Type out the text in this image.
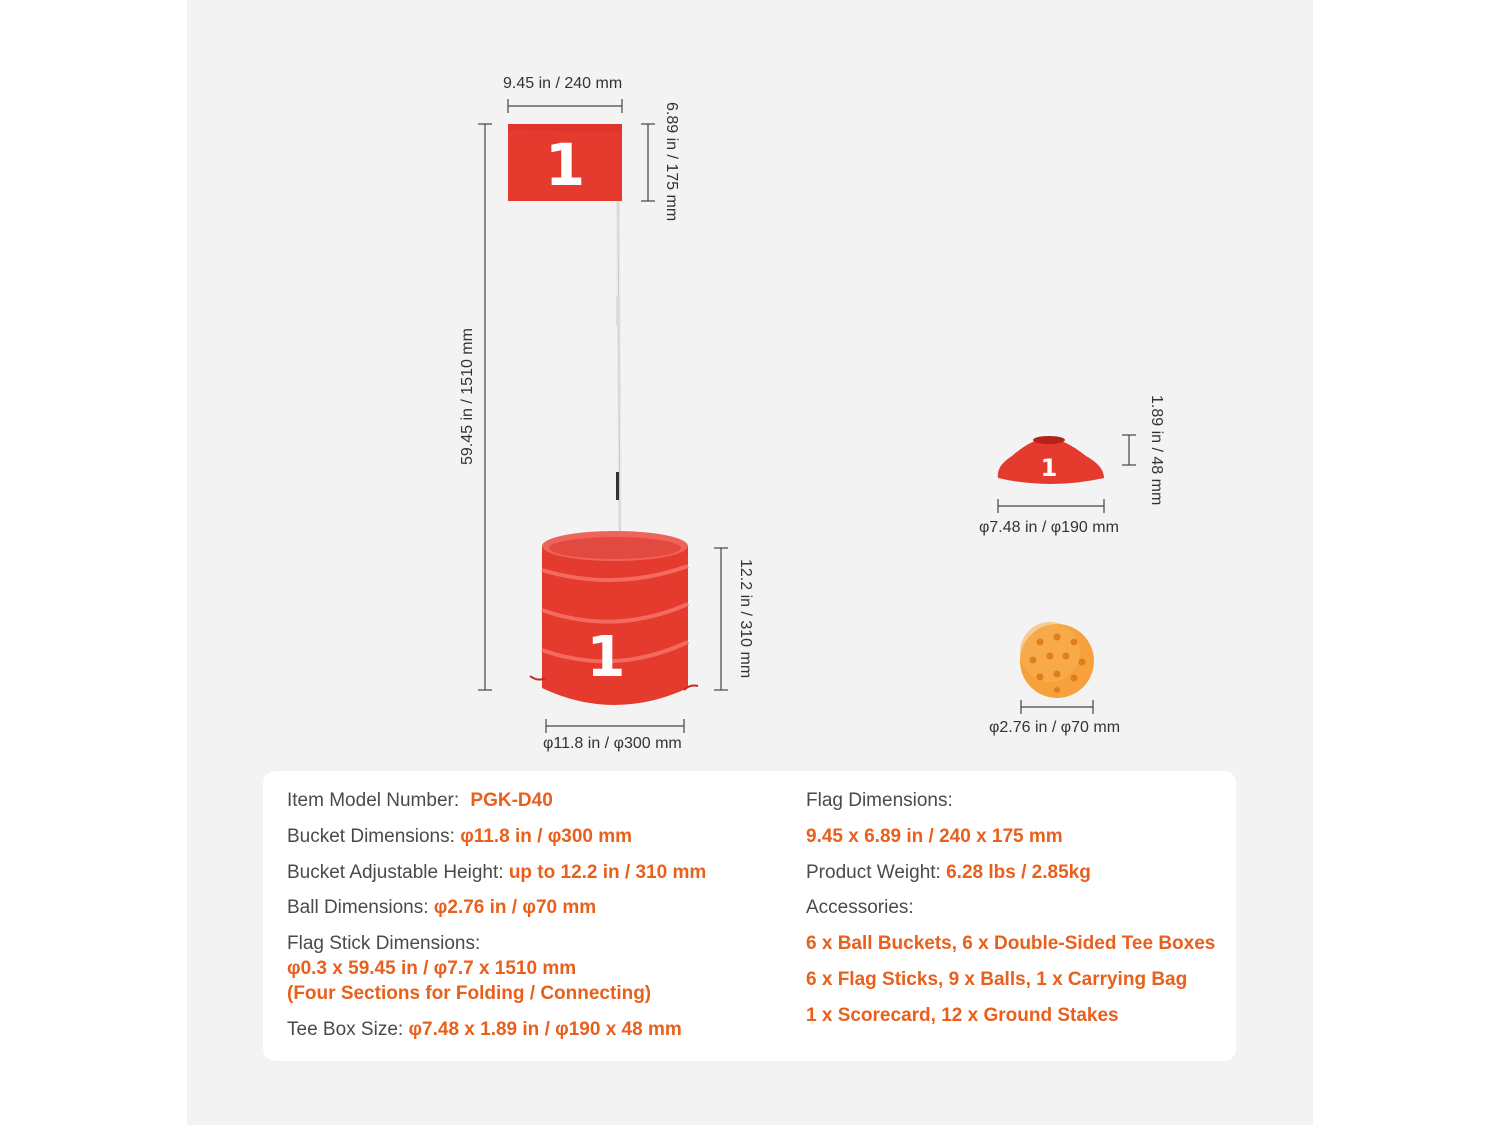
1
1
1
9.45 in / 240 mm
6.89 in / 175 mm
59.45 in / 1510 mm
12.2 in / 310 mm
φ11.8 in / φ300 mm
1.89 in / 48 mm
φ7.48 in / φ190 mm
φ2.76 in / φ70 mm
Item Model Number: PGK-D40
Bucket Dimensions: φ11.8 in / φ300 mm
Bucket Adjustable Height: up to 12.2 in / 310 mm
Ball Dimensions: φ2.76 in / φ70 mm
Flag Stick Dimensions:
φ0.3 x 59.45 in / φ7.7 x 1510 mm
(Four Sections for Folding / Connecting)
Tee Box Size: φ7.48 x 1.89 in / φ190 x 48 mm
Flag Dimensions:
9.45 x 6.89 in / 240 x 175 mm
Product Weight: 6.28 lbs / 2.85kg
Accessories:
6 x Ball Buckets, 6 x Double-Sided Tee Boxes
6 x Flag Sticks, 9 x Balls, 1 x Carrying Bag
1 x Scorecard, 12 x Ground Stakes
